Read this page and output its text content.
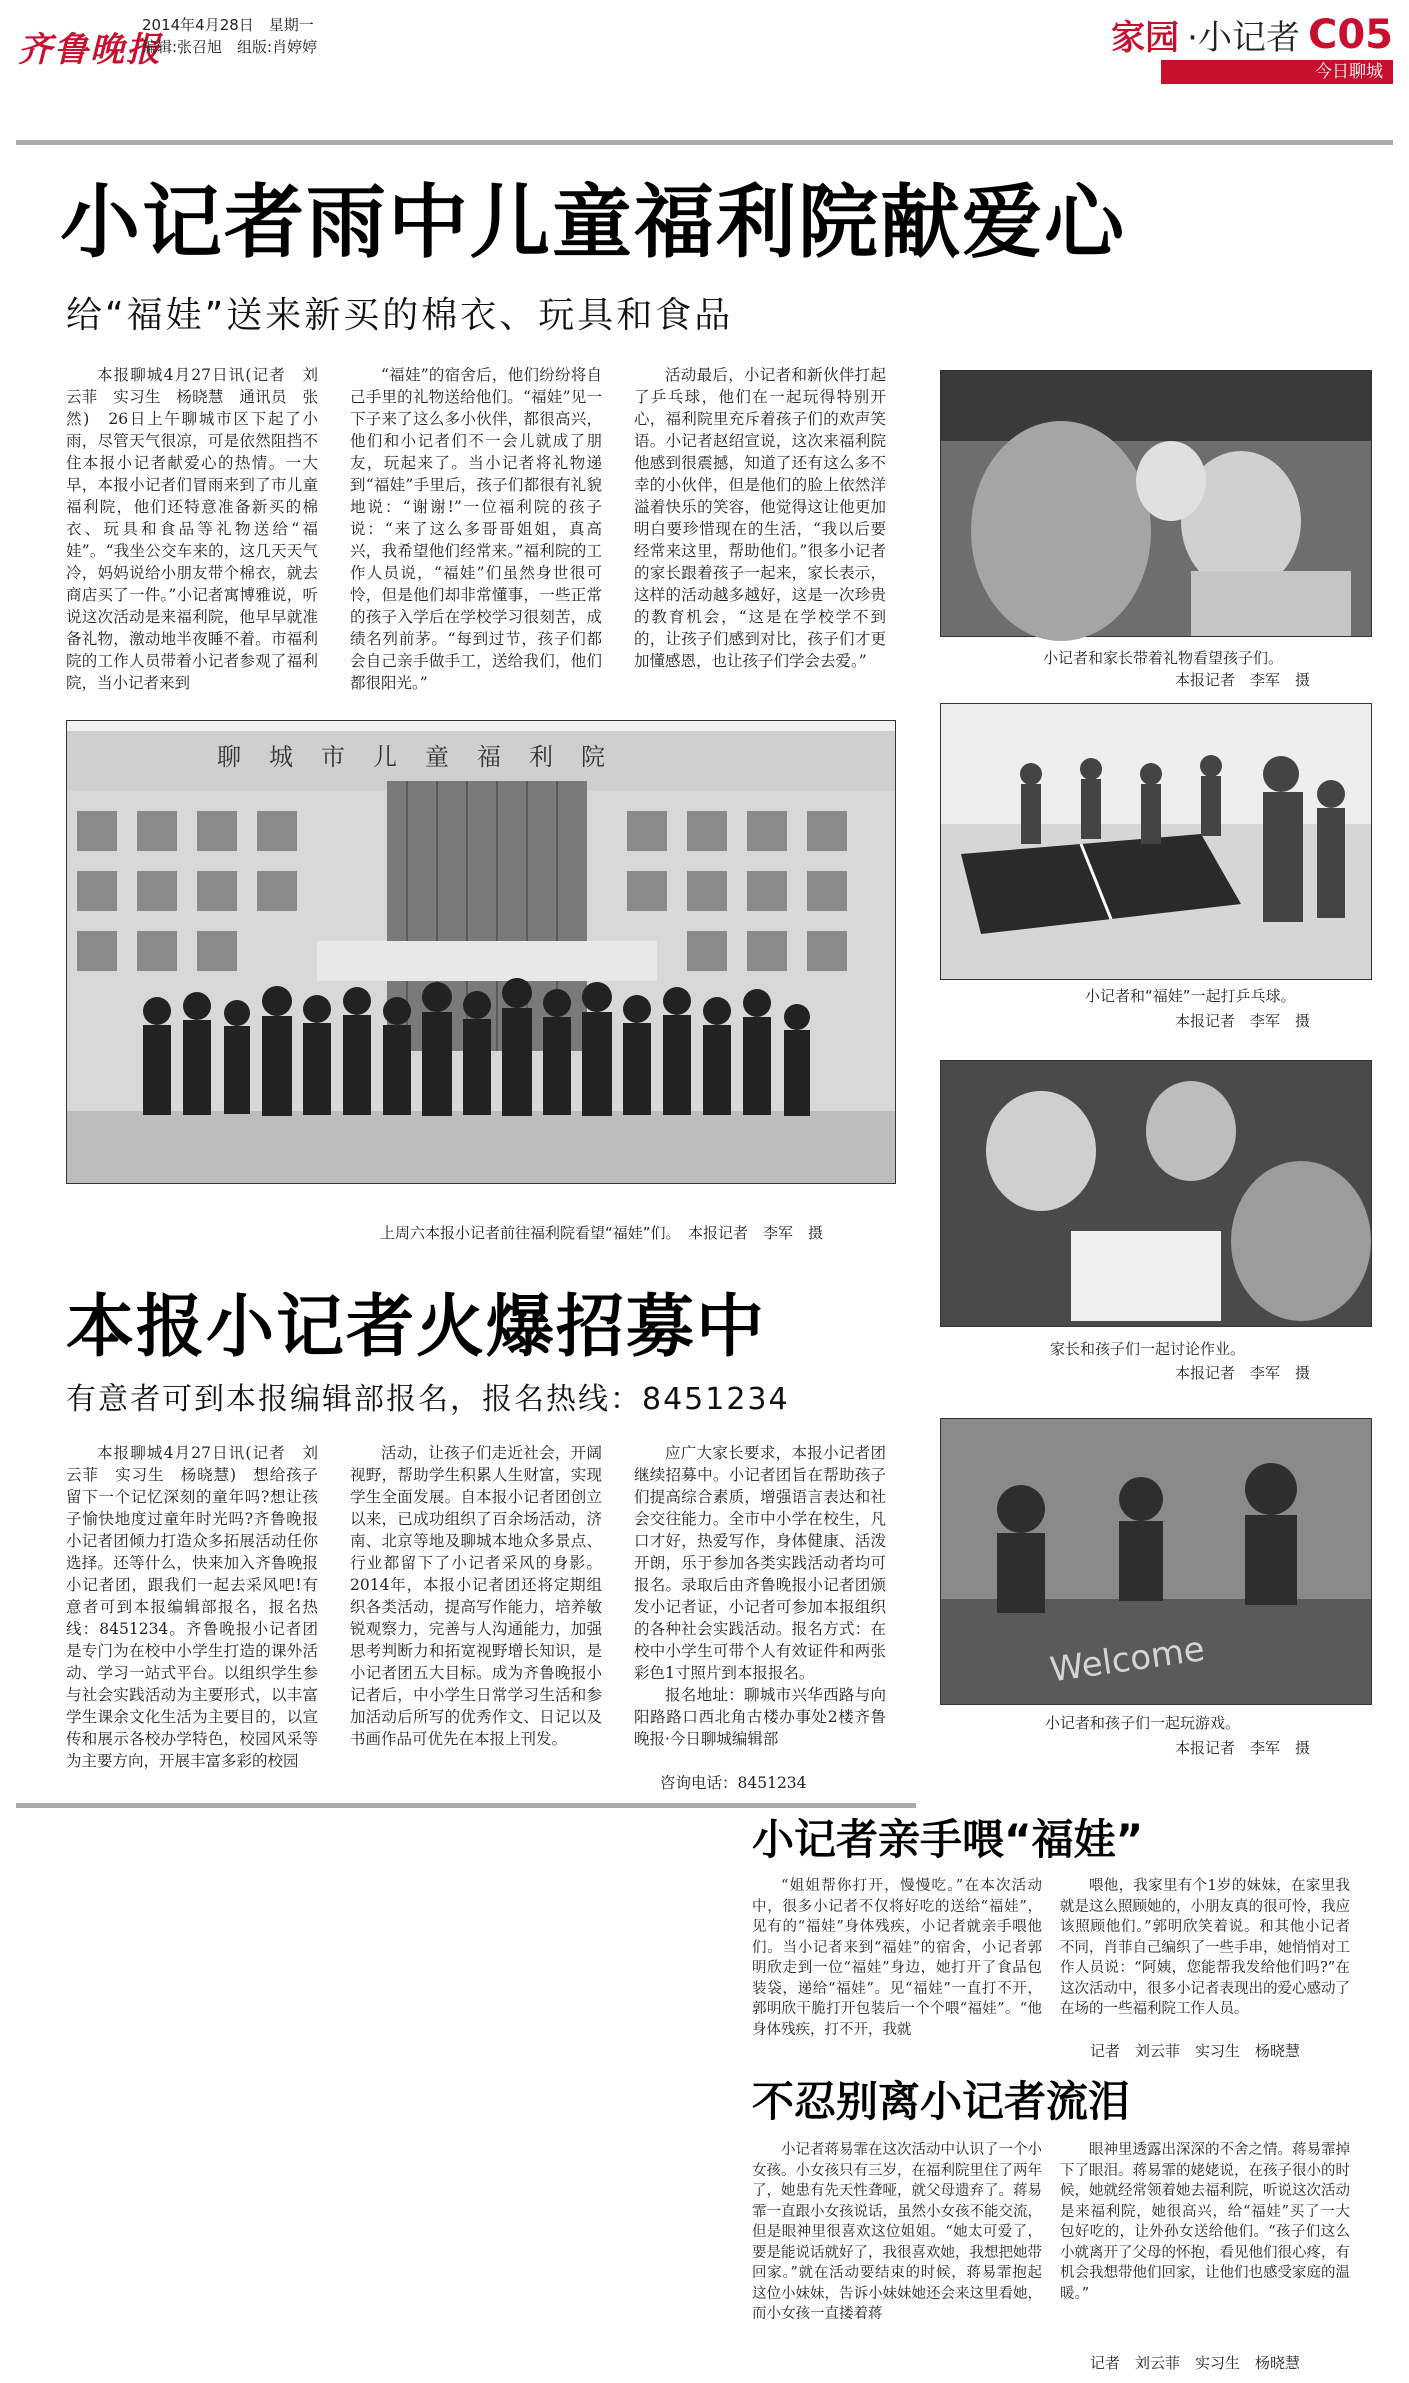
齐鲁晚报
2014年4月28日　星期一
编辑:张召旭　组版:肖婷婷	家园 ·小记者 C05
今日聊城
小记者雨中儿童福利院献爱心
给“福娃”送来新买的棉衣、玩具和食品

本报聊城4月27日讯(记者　刘云菲　实习生　杨晓慧　通讯员　张然)　26日上午聊城市区下起了小雨，尽管天气很凉，可是依然阻挡不住本报小记者献爱心的热情。一大早，本报小记者们冒雨来到了市儿童福利院，他们还特意准备新买的棉衣、玩具和食品等礼物送给“福娃”。“我坐公交车来的，这几天天气冷，妈妈说给小朋友带个棉衣，就去商店买了一件。”小记者寓博雅说，听说这次活动是来福利院，他早早就准备礼物，激动地半夜睡不着。市福利院的工作人员带着小记者参观了福利院，当小记者来到

“福娃”的宿舍后，他们纷纷将自己手里的礼物送给他们。“福娃”见一下子来了这么多小伙伴，都很高兴，他们和小记者们不一会儿就成了朋友，玩起来了。当小记者将礼物递到“福娃”手里后，孩子们都很有礼貌地说：“谢谢!”一位福利院的孩子说：“来了这么多哥哥姐姐，真高兴，我希望他们经常来。”福利院的工作人员说，“福娃”们虽然身世很可怜，但是他们却非常懂事，一些正常的孩子入学后在学校学习很刻苦，成绩名列前茅。“每到过节，孩子们都会自己亲手做手工，送给我们，他们都很阳光。”

活动最后，小记者和新伙伴打起了乒乓球，他们在一起玩得特别开心，福利院里充斥着孩子们的欢声笑语。小记者赵绍宣说，这次来福利院他感到很震撼，知道了还有这么多不幸的小伙伴，但是他们的脸上依然洋溢着快乐的笑容，他觉得这让他更加明白要珍惜现在的生活，“我以后要经常来这里，帮助他们。”很多小记者的家长跟着孩子一起来，家长表示，这样的活动越多越好，这是一次珍贵的教育机会，“这是在学校学不到的，让孩子们感到对比，孩子们才更加懂感恩，也让孩子们学会去爱。”

聊城市儿童福利院
上周六本报小记者前往福利院看望“福娃”们。　本报记者　李军　摄
小记者和家长带着礼物看望孩子们。
本报记者　李军　摄
小记者和“福娃”一起打乒乓球。
本报记者　李军　摄
家长和孩子们一起讨论作业。
本报记者　李军　摄
Welcome
小记者和孩子们一起玩游戏。
本报记者　李军　摄
本报小记者火爆招募中
有意者可到本报编辑部报名，报名热线：8451234

本报聊城4月27日讯(记者　刘云菲　实习生　杨晓慧)　想给孩子留下一个记忆深刻的童年吗?想让孩子愉快地度过童年时光吗?齐鲁晚报小记者团倾力打造众多拓展活动任你选择。还等什么，快来加入齐鲁晚报小记者团，跟我们一起去采风吧!有意者可到本报编辑部报名，报名热线：8451234。齐鲁晚报小记者团是专门为在校中小学生打造的课外活动、学习一站式平台。以组织学生参与社会实践活动为主要形式，以丰富学生课余文化生活为主要目的，以宣传和展示各校办学特色，校园风采等为主要方向，开展丰富多彩的校园

活动，让孩子们走近社会，开阔视野，帮助学生积累人生财富，实现学生全面发展。自本报小记者团创立以来，已成功组织了百余场活动，济南、北京等地及聊城本地众多景点、行业都留下了小记者采风的身影。2014年，本报小记者团还将定期组织各类活动，提高写作能力，培养敏锐观察力，完善与人沟通能力，加强思考判断力和拓宽视野增长知识，是小记者团五大目标。成为齐鲁晚报小记者后，中小学生日常学习生活和参加活动后所写的优秀作文、日记以及书画作品可优先在本报上刊发。

应广大家长要求，本报小记者团继续招募中。小记者团旨在帮助孩子们提高综合素质，增强语言表达和社会交往能力。全市中小学在校生，凡口才好，热爱写作，身体健康、活泼开朗，乐于参加各类实践活动者均可报名。录取后由齐鲁晚报小记者团颁发小记者证，小记者可参加本报组织的各种社会实践活动。报名方式：在校中小学生可带个人有效证件和两张彩色1寸照片到本报报名。

报名地址：聊城市兴华西路与向阳路路口西北角古楼办事处2楼齐鲁晚报·今日聊城编辑部

咨询电话：8451234
小记者亲手喂“福娃”

“姐姐帮你打开，慢慢吃。”在本次活动中，很多小记者不仅将好吃的送给“福娃”，见有的“福娃”身体残疾，小记者就亲手喂他们。当小记者来到“福娃”的宿舍，小记者郭明欣走到一位“福娃”身边，她打开了食品包装袋，递给“福娃”。见“福娃”一直打不开，郭明欣干脆打开包装后一个个喂“福娃”。“他身体残疾，打不开，我就

喂他，我家里有个1岁的妹妹，在家里我就是这么照顾她的，小朋友真的很可怜，我应该照顾他们。”郭明欣笑着说。和其他小记者不同，肖菲自己编织了一些手串，她悄悄对工作人员说：“阿姨，您能帮我发给他们吗?”在这次活动中，很多小记者表现出的爱心感动了在场的一些福利院工作人员。

记者　刘云菲　实习生　杨晓慧
不忍别离小记者流泪

小记者蒋易霏在这次活动中认识了一个小女孩。小女孩只有三岁，在福利院里住了两年了，她患有先天性聋哑，就父母遗弃了。蒋易霏一直跟小女孩说话，虽然小女孩不能交流，但是眼神里很喜欢这位姐姐。“她太可爱了，要是能说话就好了，我很喜欢她，我想把她带回家。”就在活动要结束的时候，蒋易霏抱起这位小妹妹，告诉小妹妹她还会来这里看她，而小女孩一直搂着蒋

眼神里透露出深深的不舍之情。蒋易霏掉下了眼泪。蒋易霏的姥姥说，在孩子很小的时候，她就经常领着她去福利院，听说这次活动是来福利院，她很高兴，给“福娃”买了一大包好吃的，让外孙女送给他们。“孩子们这么小就离开了父母的怀抱，看见他们很心疼，有机会我想带他们回家，让他们也感受家庭的温暖。”

记者　刘云菲　实习生　杨晓慧
